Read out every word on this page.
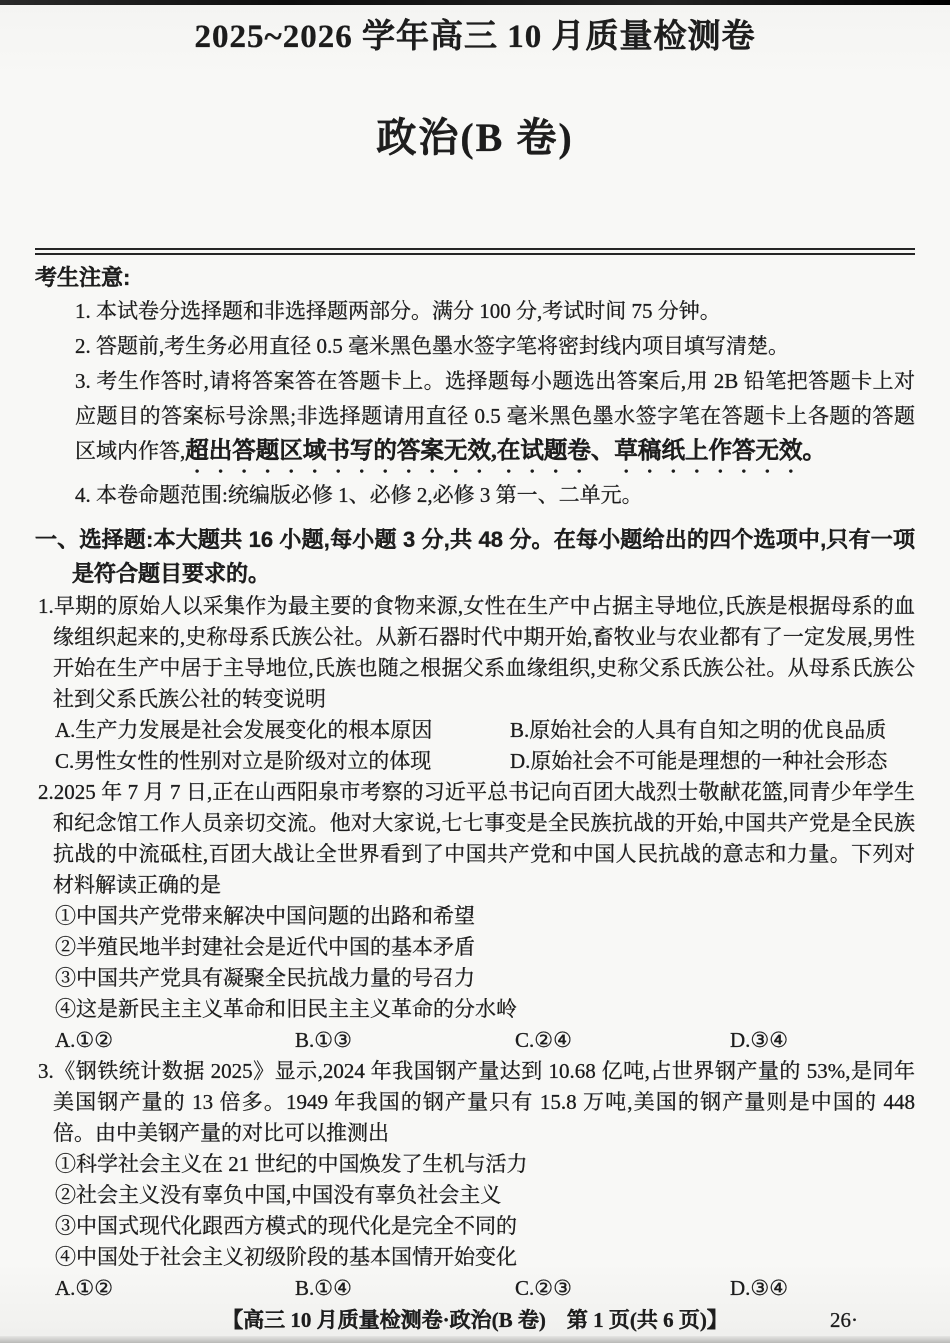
2025~2026 学年高三 10 月质量检测卷
政治(B 卷)
考生注意:
1. 本试卷分选择题和非选择题两部分。满分 100 分,考试时间 75 分钟。
2. 答题前,考生务必用直径 0.5 毫米黑色墨水签字笔将密封线内项目填写清楚。
3. 考生作答时,请将答案答在答题卡上。选择题每小题选出答案后,用 2B 铅笔把答题卡上对应题目的答案标号涂黑;非选择题请用直径 0.5 毫米黑色墨水签字笔在答题卡上各题的答题区域内作答,超出答题区域书写的答案无效,在试题卷、草稿纸上作答无效。
4. 本卷命题范围:统编版必修 1、必修 2,必修 3 第一、二单元。
一、选择题:本大题共 16 小题,每小题 3 分,共 48 分。在每小题给出的四个选项中,只有一项是符合题目要求的。
1.早期的原始人以采集作为最主要的食物来源,女性在生产中占据主导地位,氏族是根据母系的血缘组织起来的,史称母系氏族公社。从新石器时代中期开始,畜牧业与农业都有了一定发展,男性开始在生产中居于主导地位,氏族也随之根据父系血缘组织,史称父系氏族公社。从母系氏族公社到父系氏族公社的转变说明
A.生产力发展是社会发展变化的根本原因	B.原始社会的人具有自知之明的优良品质
C.男性女性的性别对立是阶级对立的体现	D.原始社会不可能是理想的一种社会形态
2.2025 年 7 月 7 日,正在山西阳泉市考察的习近平总书记向百团大战烈士敬献花篮,同青少年学生和纪念馆工作人员亲切交流。他对大家说,七七事变是全民族抗战的开始,中国共产党是全民族抗战的中流砥柱,百团大战让全世界看到了中国共产党和中国人民抗战的意志和力量。下列对材料解读正确的是
①中国共产党带来解决中国问题的出路和希望
②半殖民地半封建社会是近代中国的基本矛盾
③中国共产党具有凝聚全民抗战力量的号召力
④这是新民主主义革命和旧民主主义革命的分水岭
A.①②	B.①③	C.②④	D.③④
3.《钢铁统计数据 2025》显示,2024 年我国钢产量达到 10.68 亿吨,占世界钢产量的 53%,是同年美国钢产量的 13 倍多。1949 年我国的钢产量只有 15.8 万吨,美国的钢产量则是中国的 448 倍。由中美钢产量的对比可以推测出
①科学社会主义在 21 世纪的中国焕发了生机与活力
②社会主义没有辜负中国,中国没有辜负社会主义
③中国式现代化跟西方模式的现代化是完全不同的
④中国处于社会主义初级阶段的基本国情开始变化
A.①②	B.①④	C.②③	D.③④
【高三 10 月质量检测卷·政治(B 卷)　第 1 页(共 6 页)】	26·
